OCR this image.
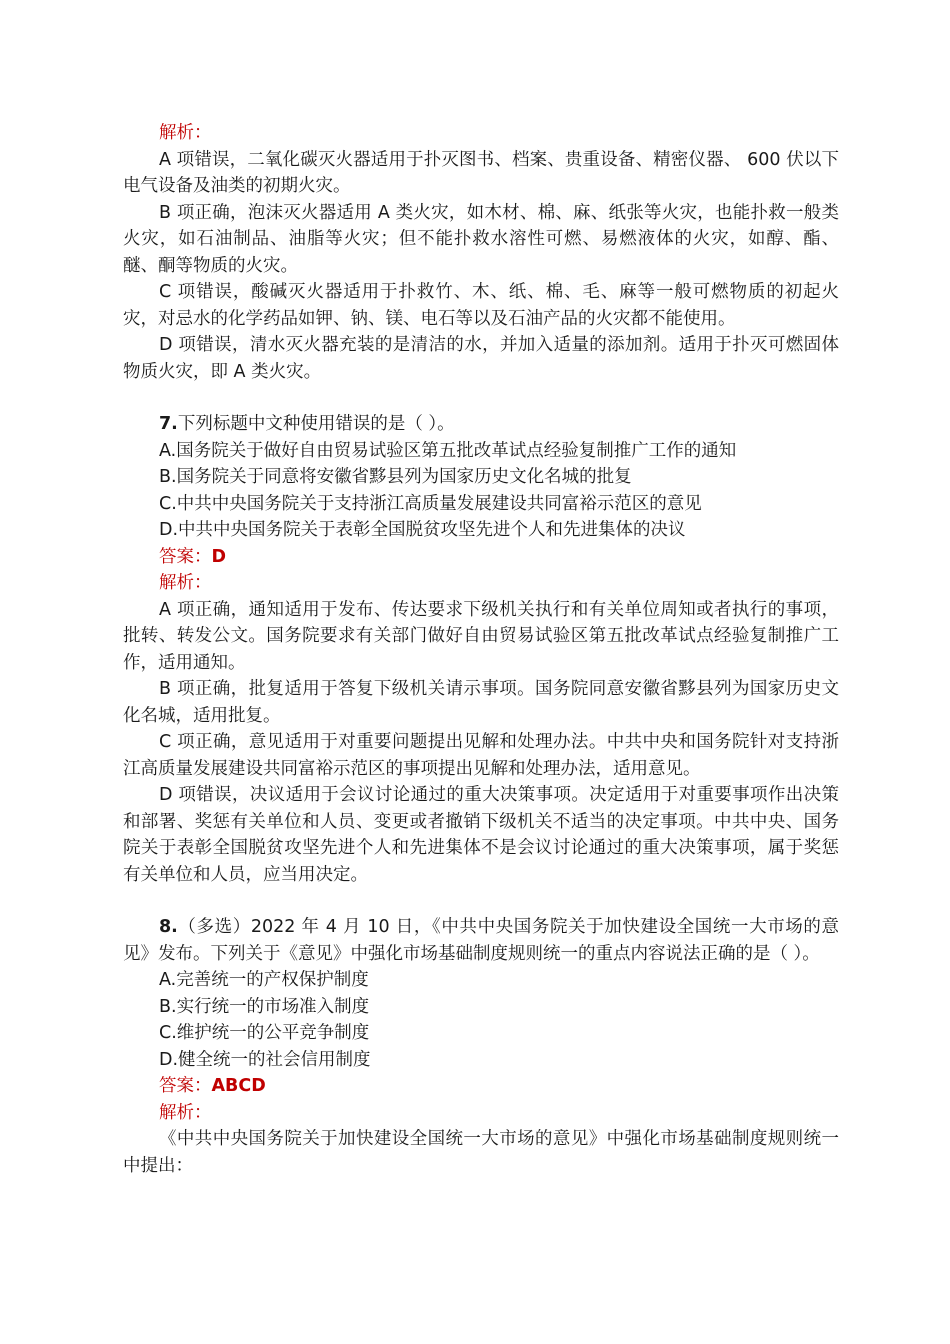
解析：

A 项错误，二氧化碳灭火器适用于扑灭图书、档案、贵重设备、精密仪器、 600 伏以下电气设备及油类的初期火灾。

B 项正确，泡沫灭火器适用 A 类火灾，如木材、棉、麻、纸张等火灾，也能扑救一般类火灾，如石油制品、油脂等火灾；但不能扑救水溶性可燃、易燃液体的火灾，如醇、酯、醚、酮等物质的火灾。

C 项错误，酸碱灭火器适用于扑救竹、木、纸、棉、毛、麻等一般可燃物质的初起火灾，对忌水的化学药品如钾、钠、镁、电石等以及石油产品的火灾都不能使用。

D 项错误，清水灭火器充装的是清洁的水，并加入适量的添加剂。适用于扑灭可燃固体物质火灾，即 A 类火灾。

7.下列标题中文种使用错误的是（ ）。

A.国务院关于做好自由贸易试验区第五批改革试点经验复制推广工作的通知

B.国务院关于同意将安徽省黟县列为国家历史文化名城的批复

C.中共中央国务院关于支持浙江高质量发展建设共同富裕示范区的意见

D.中共中央国务院关于表彰全国脱贫攻坚先进个人和先进集体的决议

答案：D

解析：

A 项正确，通知适用于发布、传达要求下级机关执行和有关单位周知或者执行的事项，批转、转发公文。国务院要求有关部门做好自由贸易试验区第五批改革试点经验复制推广工作，适用通知。

B 项正确，批复适用于答复下级机关请示事项。国务院同意安徽省黟县列为国家历史文化名城，适用批复。

C 项正确，意见适用于对重要问题提出见解和处理办法。中共中央和国务院针对支持浙江高质量发展建设共同富裕示范区的事项提出见解和处理办法，适用意见。

D 项错误，决议适用于会议讨论通过的重大决策事项。决定适用于对重要事项作出决策和部署、奖惩有关单位和人员、变更或者撤销下级机关不适当的决定事项。中共中央、国务院关于表彰全国脱贫攻坚先进个人和先进集体不是会议讨论通过的重大决策事项，属于奖惩有关单位和人员，应当用决定。

8.（多选）2022 年 4 月 10 日，《中共中央国务院关于加快建设全国统一大市场的意见》发布。下列关于《意见》中强化市场基础制度规则统一的重点内容说法正确的是（ ）。

A.完善统一的产权保护制度

B.实行统一的市场准入制度

C.维护统一的公平竞争制度

D.健全统一的社会信用制度

答案：ABCD

解析：

《中共中央国务院关于加快建设全国统一大市场的意见》中强化市场基础制度规则统一中提出：
